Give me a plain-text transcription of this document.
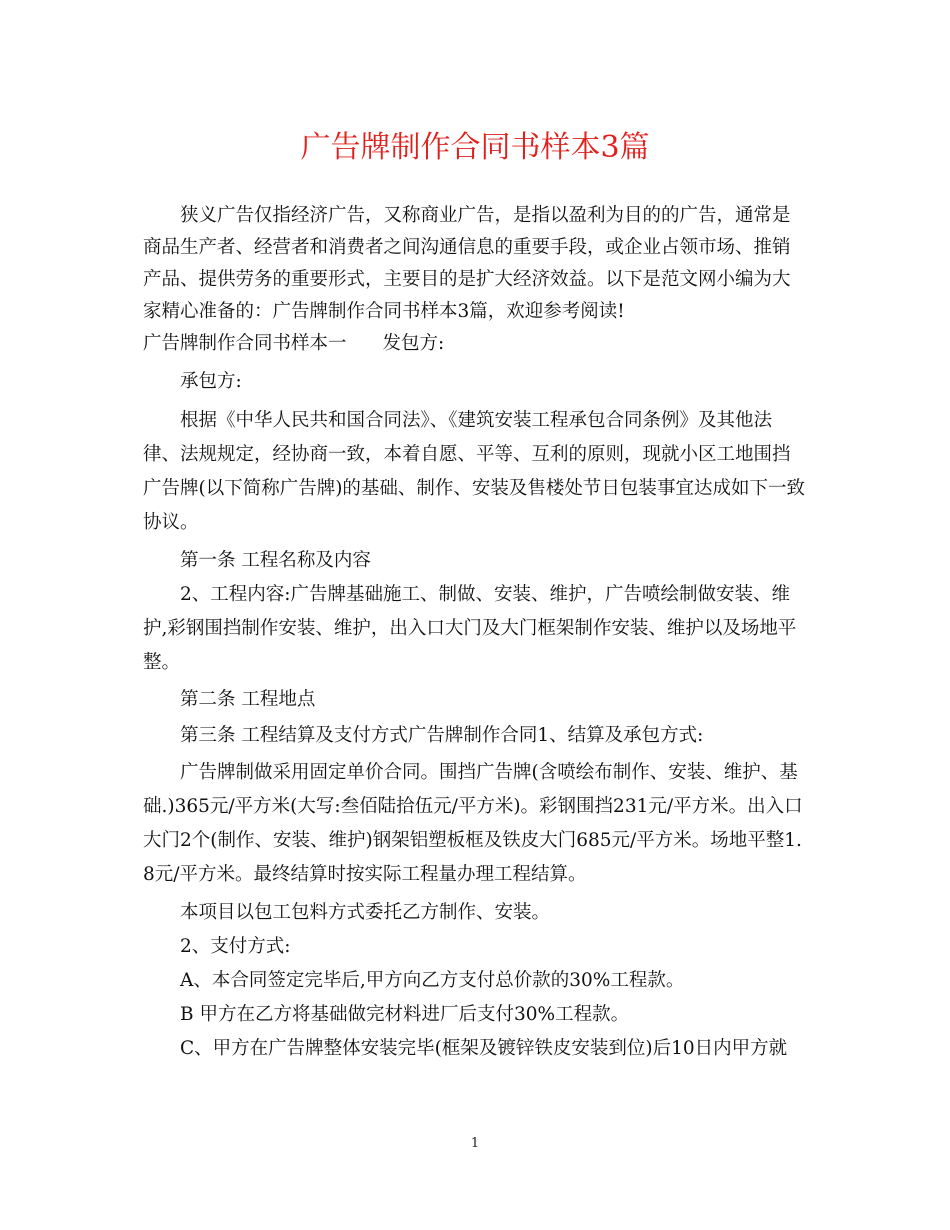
广告牌制作合同书样本3篇

狭义广告仅指经济广告，又称商业广告，是指以盈利为目的的广告，通常是商品生产者、经营者和消费者之间沟通信息的重要手段，或企业占领市场、推销产品、提供劳务的重要形式，主要目的是扩大经济效益。以下是范文网小编为大家精心准备的：广告牌制作合同书样本3篇，欢迎参考阅读!

广告牌制作合同书样本一 发包方:

承包方:

根据《中华人民共和国合同法》、《建筑安装工程承包合同条例》及其他法律、法规规定，经协商一致，本着自愿、平等、互利的原则，现就小区工地围挡广告牌(以下简称广告牌)的基础、制作、安装及售楼处节日包装事宜达成如下一致协议。

第一条 工程名称及内容

2、工程内容:广告牌基础施工、制做、安装、维护，广告喷绘制做安装、维护,彩钢围挡制作安装、维护，出入口大门及大门框架制作安装、维护以及场地平整。

第二条 工程地点

第三条 工程结算及支付方式广告牌制作合同1、结算及承包方式:

广告牌制做采用固定单价合同。围挡广告牌(含喷绘布制作、安装、维护、基础.)365元/平方米(大写:叁佰陆拾伍元/平方米)。彩钢围挡231元/平方米。出入口大门2个(制作、安装、维护)钢架铝塑板框及铁皮大门685元/平方米。场地平整1.8元/平方米。最终结算时按实际工程量办理工程结算。

本项目以包工包料方式委托乙方制作、安装。

2、支付方式:

A、本合同签定完毕后,甲方向乙方支付总价款的30%工程款。

B 甲方在乙方将基础做完材料进厂后支付30%工程款。

C、甲方在广告牌整体安装完毕(框架及镀锌铁皮安装到位)后10日内甲方就

1
